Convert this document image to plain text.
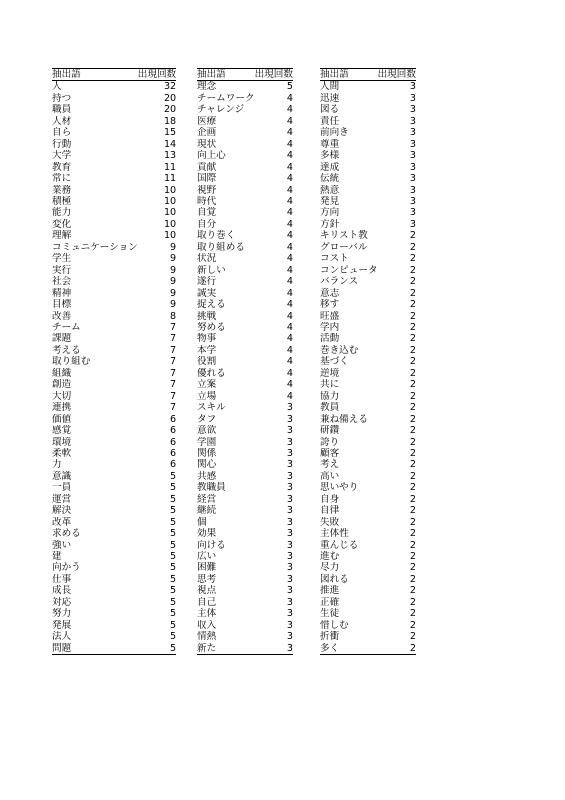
抽出語	出現回数
人	32
持つ	20
職員	20
人材	18
自ら	15
行動	14
大学	13
教育	11
常に	11
業務	10
積極	10
能力	10
変化	10
理解	10
コミュニケーション	9
学生	9
実行	9
社会	9
精神	9
目標	9
改善	8
チーム	7
課題	7
考える	7
取り組む	7
組織	7
創造	7
大切	7
連携	7
価値	6
感覚	6
環境	6
柔軟	6
力	6
意識	5
一員	5
運営	5
解決	5
改革	5
求める	5
強い	5
建	5
向かう	5
仕事	5
成長	5
対応	5
努力	5
発展	5
法人	5
問題	5
抽出語	出現回数
理念	5
チームワーク	4
チャレンジ	4
医療	4
企画	4
現状	4
向上心	4
貢献	4
国際	4
視野	4
時代	4
自覚	4
自分	4
取り巻く	4
取り組める	4
状況	4
新しい	4
遂行	4
誠実	4
捉える	4
挑戦	4
努める	4
物事	4
本学	4
役割	4
優れる	4
立案	4
立場	4
スキル	3
タフ	3
意欲	3
学園	3
関係	3
関心	3
共感	3
教職員	3
経営	3
継続	3
個	3
効果	3
向ける	3
広い	3
困難	3
思考	3
視点	3
自己	3
主体	3
収入	3
情熱	3
新た	3
抽出語	出現回数
人間	3
迅速	3
図る	3
責任	3
前向き	3
尊重	3
多様	3
達成	3
伝統	3
熱意	3
発見	3
方向	3
方針	3
キリスト教	2
グローバル	2
コスト	2
コンピュータ	2
バランス	2
意志	2
移す	2
旺盛	2
学内	2
活動	2
巻き込む	2
基づく	2
逆境	2
共に	2
協力	2
教員	2
兼ね備える	2
研鑽	2
誇り	2
顧客	2
考え	2
高い	2
思いやり	2
自身	2
自律	2
失敗	2
主体性	2
重んじる	2
進む	2
尽力	2
図れる	2
推進	2
正確	2
生徒	2
惜しむ	2
折衝	2
多く	2
